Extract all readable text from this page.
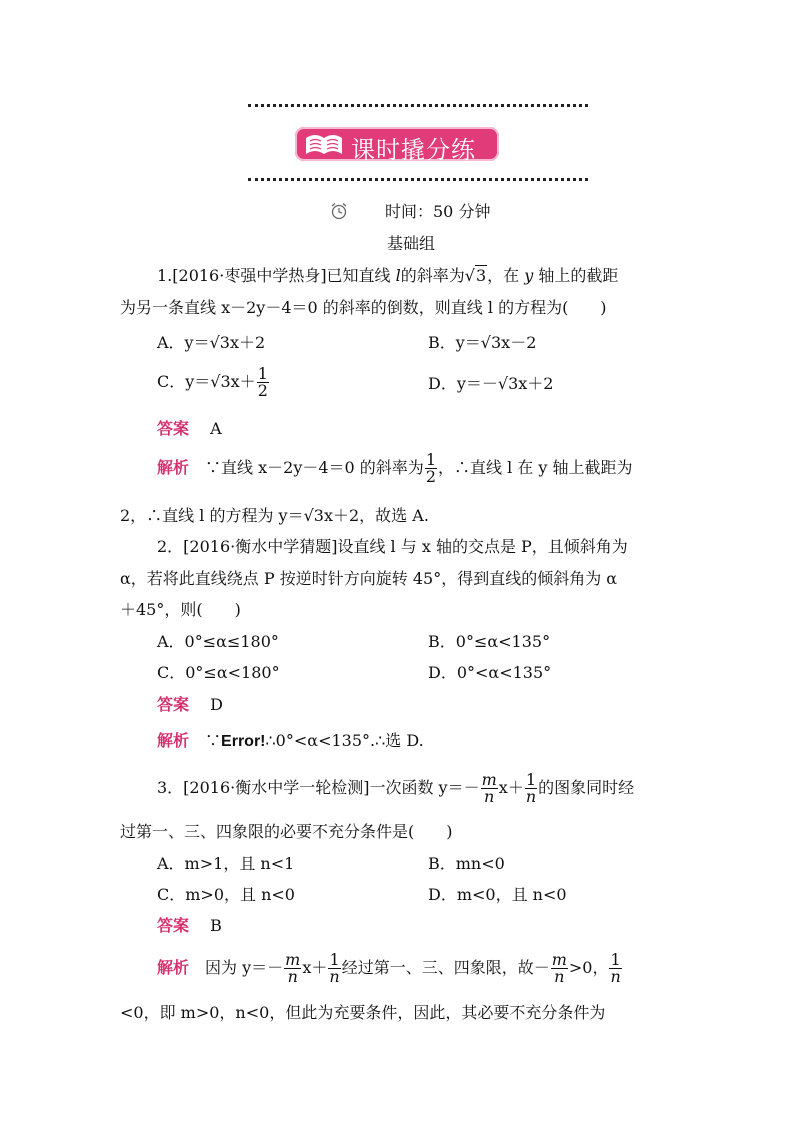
课时撬分练
时间：50 分钟
基础组
1.[2016·枣强中学热身]已知直线 l的斜率为√3，在 y 轴上的截距
为另一条直线 x－2y－4＝0 的斜率的倒数，则直线 l 的方程为(　　)
A．y＝√3x＋2	B．y＝√3x－2
C．$y=√3x+ \frac{1}{2}$	D．y＝－√3x＋2
答案　 A
解析　 ∵直线 x－2y－4＝0 的斜率为 $\frac{1}{2}$ ，∴直线 l 在 y 轴上截距为
2，∴直线 l 的方程为 y＝√3x＋2，故选 A.
2．[2016·衡水中学猜题]设直线 l 与 x 轴的交点是 P，且倾斜角为
α，若将此直线绕点 P 按逆时针方向旋转 45°，得到直线的倾斜角为 α
＋45°，则(　　)
A．0°≤α≤180°	B．0°≤α<135°
C．0°≤α<180°	D．0°<α<135°
答案　 D
解析　 ∵Error!∴0°<α<135°.∴选 D.
3．[2016·衡水中学一轮检测]一次函数 $y=- \frac{m}{n} x+ \frac{1}{n}$ 的图象同时经
过第一、三、四象限的必要不充分条件是(　　)
A．m>1，且 n<1	B．mn<0
C．m>0，且 n<0	D．m<0，且 n<0
答案　 B
解析　 因为 $y=- \frac{m}{n} x+ \frac{1}{n}$ 经过第一、三、四象限，故－ $\frac{m}{n} >0$， $\frac{1}{n}$
<0，即 m>0，n<0，但此为充要条件，因此，其必要不充分条件为
